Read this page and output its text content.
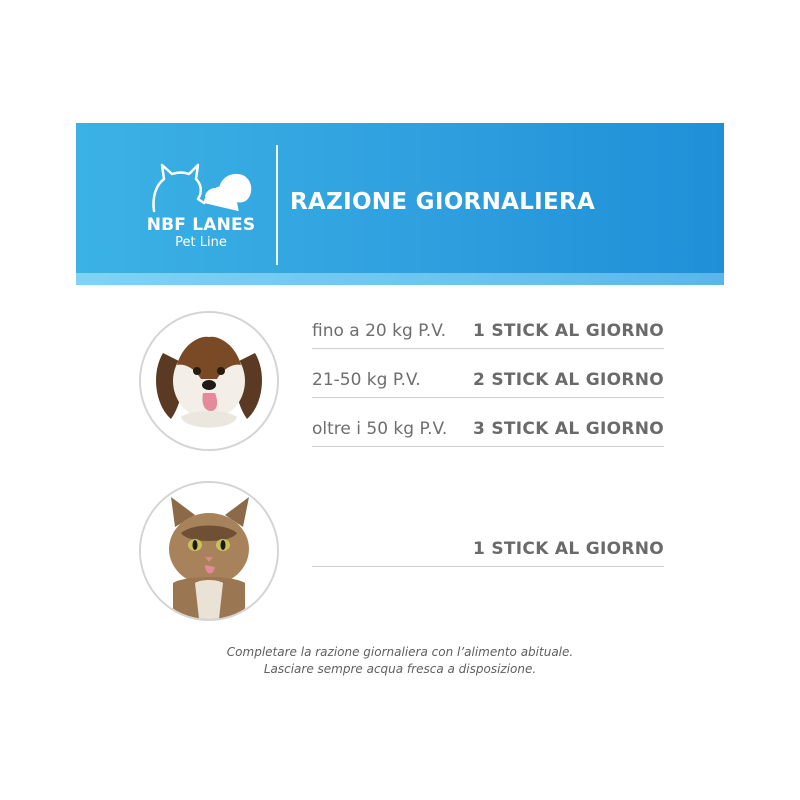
NBF LANES
Pet Line
RAZIONE GIORNALIERA
fino a 20 kg P.V. 1 STICK AL GIORNO
21-50 kg P.V.	2 STICK AL GIORNO
oltre i 50 kg P.V. 3 STICK AL GIORNO
1 STICK AL GIORNO
Completare la razione giornaliera con l’alimento abituale.
Lasciare sempre acqua fresca a disposizione.
